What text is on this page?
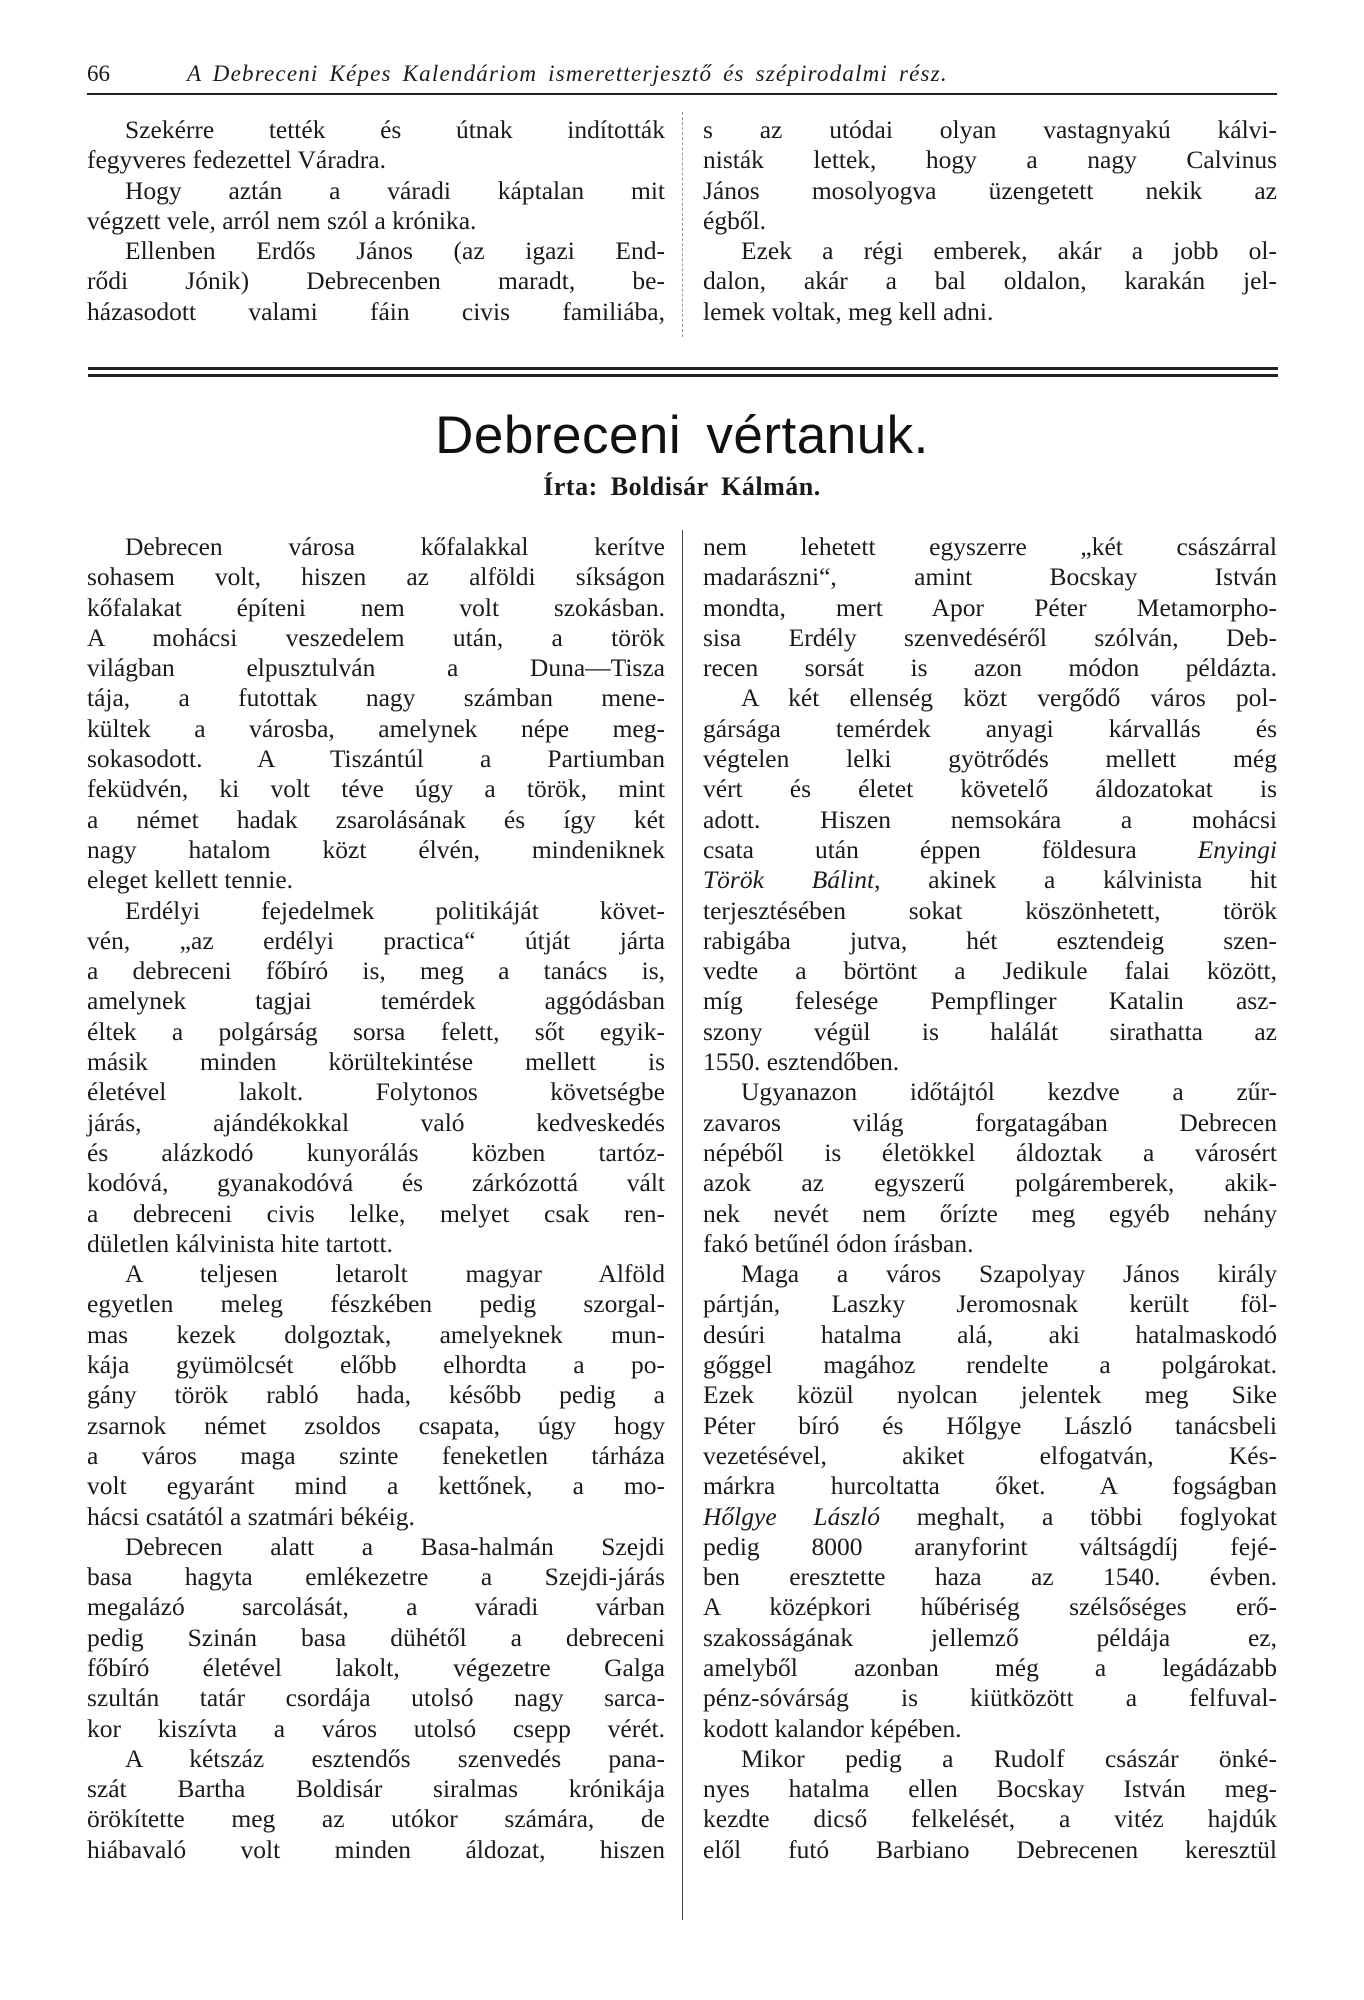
66	A Debreceni Képes Kalendáriom ismeretterjesztő és szépirodalmi rész.
Szekérre tették és útnak indították
fegyveres fedezettel Váradra.
Hogy aztán a váradi káptalan mit
végzett vele, arról nem szól a krónika.
Ellenben Erdős János (az igazi End-
rődi Jónik) Debrecenben maradt, be-
házasodott valami fáin civis familiába,
s az utódai olyan vastagnyakú kálvi-
nisták lettek, hogy a nagy Calvinus
János mosolyogva üzengetett nekik az
égből.
Ezek a régi emberek, akár a jobb ol-
dalon, akár a bal oldalon, karakán jel-
lemek voltak, meg kell adni.
Debreceni vértanuk.
Írta: Boldisár Kálmán.
Debrecen városa kőfalakkal kerítve
sohasem volt, hiszen az alföldi síkságon
kőfalakat építeni nem volt szokásban.
A mohácsi veszedelem után, a török
világban elpusztulván a Duna—Tisza
tája, a futottak nagy számban mene-
kültek a városba, amelynek népe meg-
sokasodott. A Tiszántúl a Partiumban
feküdvén, ki volt téve úgy a török, mint
a német hadak zsarolásának és így két
nagy hatalom közt élvén, mindeniknek
eleget kellett tennie.
Erdélyi fejedelmek politikáját követ-
vén, „az erdélyi practica“ útját járta
a debreceni főbíró is, meg a tanács is,
amelynek tagjai temérdek aggódásban
éltek a polgárság sorsa felett, sőt egyik-
másik minden körültekintése mellett is
életével lakolt. Folytonos követségbe
járás, ajándékokkal való kedveskedés
és alázkodó kunyorálás közben tartóz-
kodóvá, gyanakodóvá és zárkózottá vált
a debreceni civis lelke, melyet csak ren-
dületlen kálvinista hite tartott.
A teljesen letarolt magyar Alföld
egyetlen meleg fészkében pedig szorgal-
mas kezek dolgoztak, amelyeknek mun-
kája gyümölcsét előbb elhordta a po-
gány török rabló hada, később pedig a
zsarnok német zsoldos csapata, úgy hogy
a város maga szinte feneketlen tárháza
volt egyaránt mind a kettőnek, a mo-
hácsi csatától a szatmári békéig.
Debrecen alatt a Basa-halmán Szejdi
basa hagyta emlékezetre a Szejdi-járás
megalázó sarcolását, a váradi várban
pedig Szinán basa dühétől a debreceni
főbíró életével lakolt, végezetre Galga
szultán tatár csordája utolsó nagy sarca-
kor kiszívta a város utolsó csepp vérét.
A kétszáz esztendős szenvedés pana-
szát Bartha Boldisár siralmas krónikája
örökítette meg az utókor számára, de
hiábavaló volt minden áldozat, hiszen
nem lehetett egyszerre „két császárral
madarászni“, amint Bocskay István
mondta, mert Apor Péter Metamorpho-
sisa Erdély szenvedéséről szólván, Deb-
recen sorsát is azon módon példázta.
A két ellenség közt vergődő város pol-
gársága temérdek anyagi kárvallás és
végtelen lelki gyötrődés mellett még
vért és életet követelő áldozatokat is
adott. Hiszen nemsokára a mohácsi
csata után éppen földesura Enyingi
Török Bálint, akinek a kálvinista hit
terjesztésében sokat köszönhetett, török
rabigába jutva, hét esztendeig szen-
vedte a börtönt a Jedikule falai között,
míg felesége Pempflinger Katalin asz-
szony végül is halálát sirathatta az
1550. esztendőben.
Ugyanazon időtájtól kezdve a zűr-
zavaros világ forgatagában Debrecen
népéből is életökkel áldoztak a városért
azok az egyszerű polgáremberek, akik-
nek nevét nem őrízte meg egyéb nehány
fakó betűnél ódon írásban.
Maga a város Szapolyay János király
pártján, Laszky Jeromosnak került föl-
desúri hatalma alá, aki hatalmaskodó
gőggel magához rendelte a polgárokat.
Ezek közül nyolcan jelentek meg Sike
Péter bíró és Hőlgye László tanácsbeli
vezetésével, akiket elfogatván, Kés-
márkra hurcoltatta őket. A fogságban
Hőlgye László meghalt, a többi foglyokat
pedig 8000 aranyforint váltságdíj fejé-
ben eresztette haza az 1540. évben.
A középkori hűbériség szélsőséges erő-
szakosságának jellemző példája ez,
amelyből azonban még a legádázabb
pénz-sóvárság is kiütközött a felfuval-
kodott kalandor képében.
Mikor pedig a Rudolf császár önké-
nyes hatalma ellen Bocskay István meg-
kezdte dicső felkelését, a vitéz hajdúk
elől futó Barbiano Debrecenen keresztül
